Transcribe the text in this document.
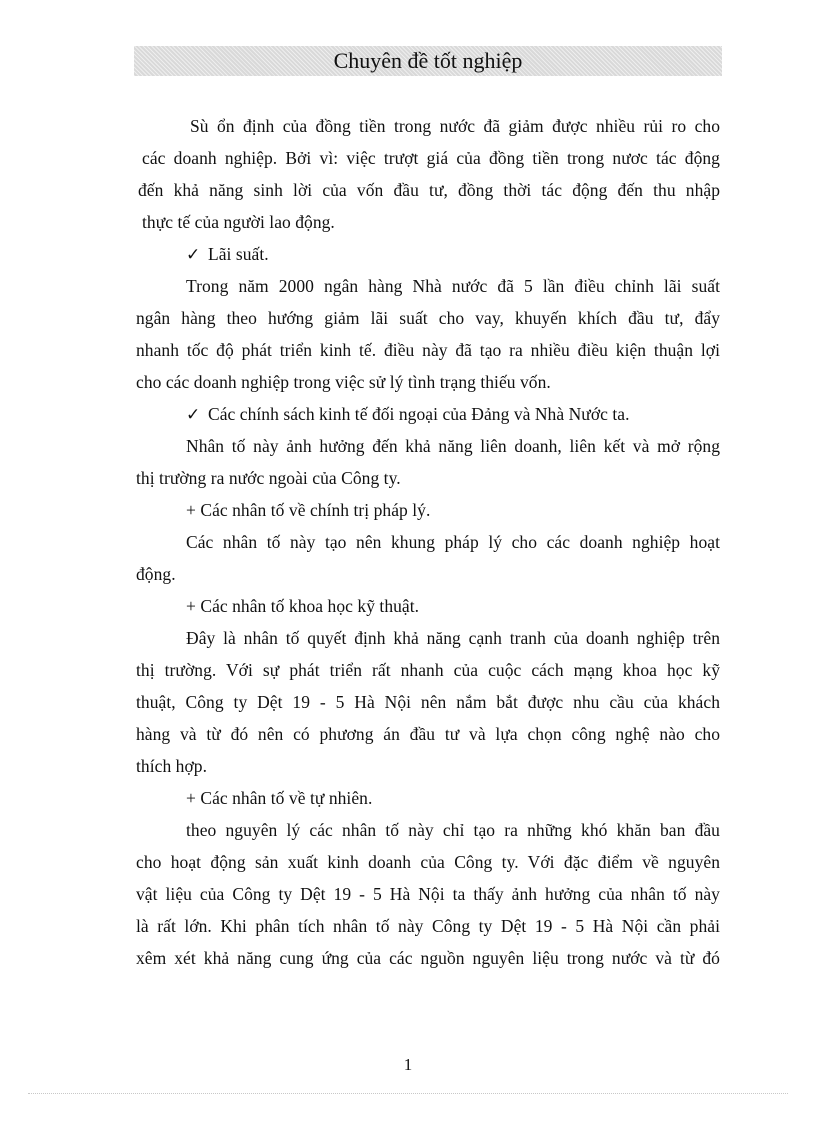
Chuyên đề tốt nghiệp
Sù ổn định của đồng tiền trong nước đã giảm được nhiều rủi ro cho
các doanh nghiệp. Bởi vì: việc trượt giá của đồng tiền trong nươc tác động
đến khả năng sinh lời của vốn đầu tư, đồng thời tác động đến thu nhập
thực tế của người lao động.
✓ Lãi suất.
Trong năm 2000 ngân hàng Nhà nước đã 5 lần điều chỉnh lãi suất
ngân hàng theo hướng giảm lãi suất cho vay, khuyến khích đầu tư, đẩy
nhanh tốc độ phát triển kinh tế. điều này đã tạo ra nhiều điều kiện thuận lợi
cho các doanh nghiệp trong việc sử lý tình trạng thiếu vốn.
✓ Các chính sách kinh tế đối ngoại của Đảng và Nhà Nước ta.
Nhân tố này ảnh hưởng đến khả năng liên doanh, liên kết và mở rộng
thị trường ra nước ngoài của Công ty.
+ Các nhân tố về chính trị pháp lý.
Các nhân tố này tạo nên khung pháp lý cho các doanh nghiệp hoạt
động.
+ Các nhân tố khoa học kỹ thuật.
Đây là nhân tố quyết định khả năng cạnh tranh của doanh nghiệp trên
thị trường. Với sự phát triển rất nhanh của cuộc cách mạng khoa học kỹ
thuật, Công ty Dệt 19 - 5 Hà Nội nên nắm bắt được nhu cầu của khách
hàng và từ đó nên có phương án đầu tư và lựa chọn công nghệ nào cho
thích hợp.
+ Các nhân tố về tự nhiên.
theo nguyên lý các nhân tố này chỉ tạo ra những khó khăn ban đầu
cho hoạt động sản xuất kinh doanh của Công ty. Với đặc điểm về nguyên
vật liệu của Công ty Dệt 19 - 5 Hà Nội ta thấy ảnh hưởng của nhân tố này
là rất lớn. Khi phân tích nhân tố này Công ty Dệt 19 - 5 Hà Nội cần phải
xêm xét khả năng cung ứng của các nguồn nguyên liệu trong nước và từ đó
1
